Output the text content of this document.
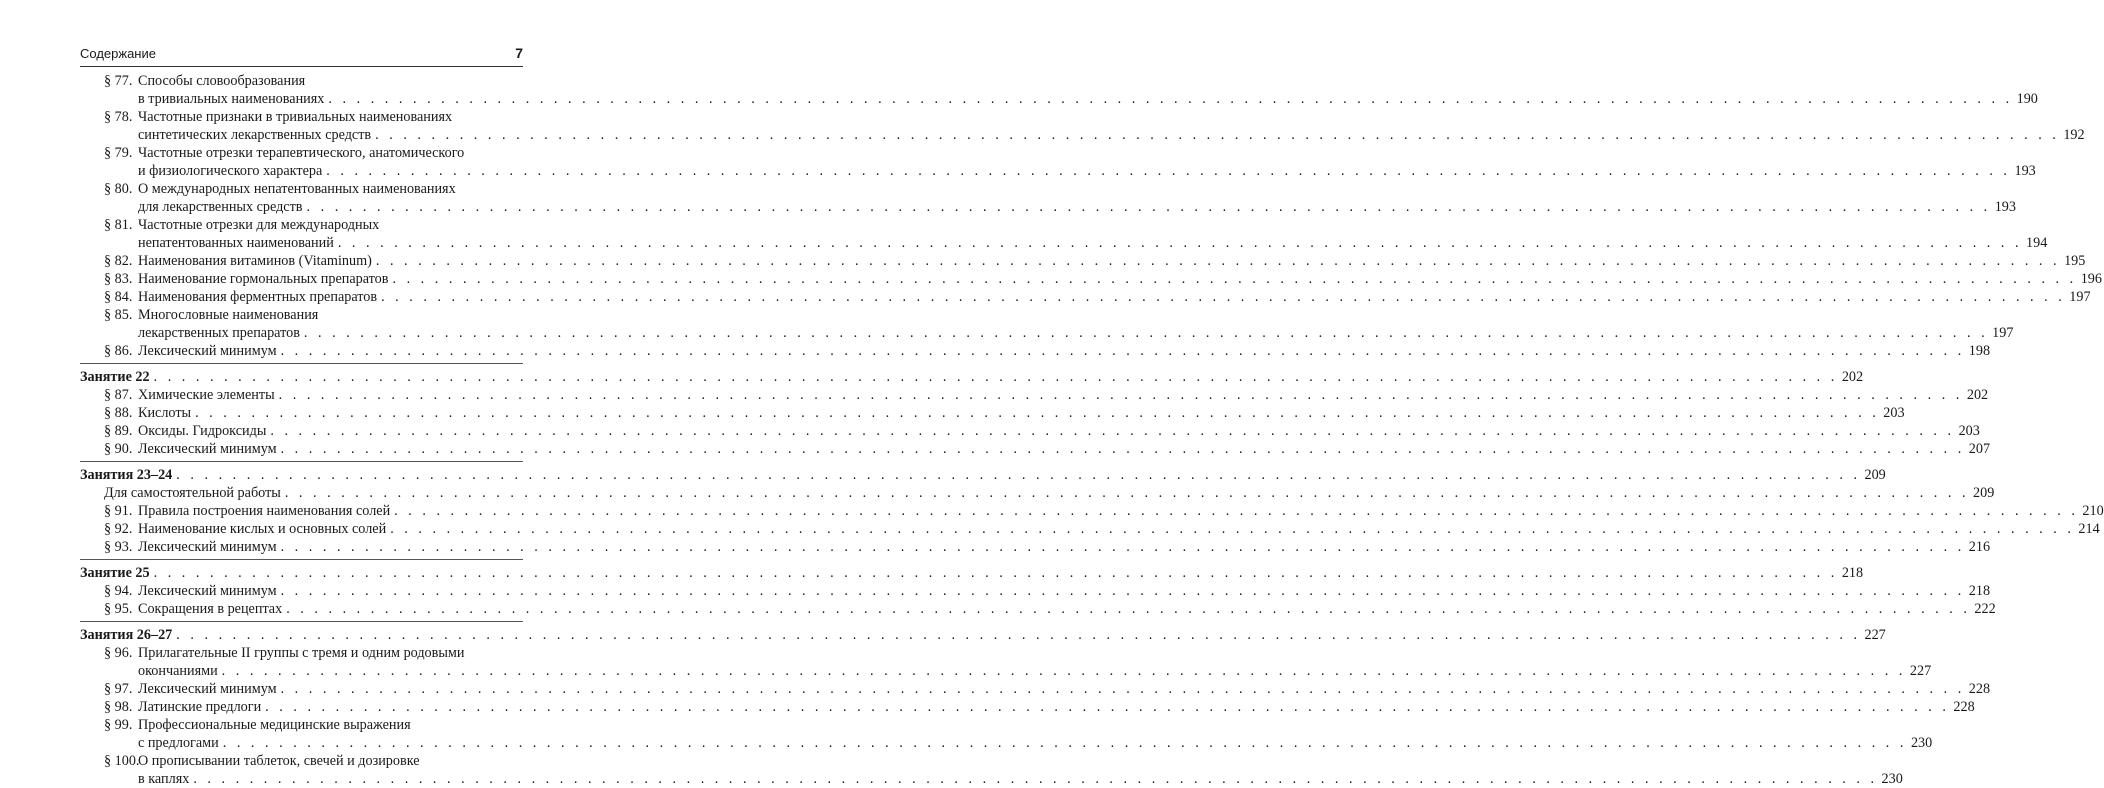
Содержание	7
§ 77. Способы словообразования
в тривиальных наименованиях . . . . . . . . . . . . . . . . . . . . . . . . . . . . . . . . . . . . . . . . . . . . . . . . . . . . . . . . . . . . . . . . . . . . . . . . . . . . . . . . . . . . . . . . . . . . . . . . . . . . . . . . . . . . . . . . . . . . . . . . 190
§ 78. Частотные признаки в тривиальных наименованиях
синтетических лекарственных средств . . . . . . . . . . . . . . . . . . . . . . . . . . . . . . . . . . . . . . . . . . . . . . . . . . . . . . . . . . . . . . . . . . . . . . . . . . . . . . . . . . . . . . . . . . . . . . . . . . . . . . . . . . . . . . . . . . . . . . . . 192
§ 79. Частотные отрезки терапевтического, анатомического
и физиологического характера . . . . . . . . . . . . . . . . . . . . . . . . . . . . . . . . . . . . . . . . . . . . . . . . . . . . . . . . . . . . . . . . . . . . . . . . . . . . . . . . . . . . . . . . . . . . . . . . . . . . . . . . . . . . . . . . . . . . . . . . 193
§ 80. О международных непатентованных наименованиях
для лекарственных средств . . . . . . . . . . . . . . . . . . . . . . . . . . . . . . . . . . . . . . . . . . . . . . . . . . . . . . . . . . . . . . . . . . . . . . . . . . . . . . . . . . . . . . . . . . . . . . . . . . . . . . . . . . . . . . . . . . . . . . . . 193
§ 81. Частотные отрезки для международных
непатентованных наименований . . . . . . . . . . . . . . . . . . . . . . . . . . . . . . . . . . . . . . . . . . . . . . . . . . . . . . . . . . . . . . . . . . . . . . . . . . . . . . . . . . . . . . . . . . . . . . . . . . . . . . . . . . . . . . . . . . . . . . . . 194
§ 82. Наименования витаминов (Vitaminum) . . . . . . . . . . . . . . . . . . . . . . . . . . . . . . . . . . . . . . . . . . . . . . . . . . . . . . . . . . . . . . . . . . . . . . . . . . . . . . . . . . . . . . . . . . . . . . . . . . . . . . . . . . . . . . . . . . . . . . . . 195
§ 83. Наименование гормональных препаратов . . . . . . . . . . . . . . . . . . . . . . . . . . . . . . . . . . . . . . . . . . . . . . . . . . . . . . . . . . . . . . . . . . . . . . . . . . . . . . . . . . . . . . . . . . . . . . . . . . . . . . . . . . . . . . . . . . . . . . . . 196
§ 84. Наименования ферментных препаратов . . . . . . . . . . . . . . . . . . . . . . . . . . . . . . . . . . . . . . . . . . . . . . . . . . . . . . . . . . . . . . . . . . . . . . . . . . . . . . . . . . . . . . . . . . . . . . . . . . . . . . . . . . . . . . . . . . . . . . . . 197
§ 85. Многословные наименования
лекарственных препаратов . . . . . . . . . . . . . . . . . . . . . . . . . . . . . . . . . . . . . . . . . . . . . . . . . . . . . . . . . . . . . . . . . . . . . . . . . . . . . . . . . . . . . . . . . . . . . . . . . . . . . . . . . . . . . . . . . . . . . . . . 197
§ 86. Лексический минимум . . . . . . . . . . . . . . . . . . . . . . . . . . . . . . . . . . . . . . . . . . . . . . . . . . . . . . . . . . . . . . . . . . . . . . . . . . . . . . . . . . . . . . . . . . . . . . . . . . . . . . . . . . . . . . . . . . . . . . . . 198
Занятие 22 . . . . . . . . . . . . . . . . . . . . . . . . . . . . . . . . . . . . . . . . . . . . . . . . . . . . . . . . . . . . . . . . . . . . . . . . . . . . . . . . . . . . . . . . . . . . . . . . . . . . . . . . . . . . . . . . . . . . . . . . 202
§ 87. Химические элементы . . . . . . . . . . . . . . . . . . . . . . . . . . . . . . . . . . . . . . . . . . . . . . . . . . . . . . . . . . . . . . . . . . . . . . . . . . . . . . . . . . . . . . . . . . . . . . . . . . . . . . . . . . . . . . . . . . . . . . . . 202
§ 88. Кислоты . . . . . . . . . . . . . . . . . . . . . . . . . . . . . . . . . . . . . . . . . . . . . . . . . . . . . . . . . . . . . . . . . . . . . . . . . . . . . . . . . . . . . . . . . . . . . . . . . . . . . . . . . . . . . . . . . . . . . . . . 203
§ 89. Оксиды. Гидроксиды . . . . . . . . . . . . . . . . . . . . . . . . . . . . . . . . . . . . . . . . . . . . . . . . . . . . . . . . . . . . . . . . . . . . . . . . . . . . . . . . . . . . . . . . . . . . . . . . . . . . . . . . . . . . . . . . . . . . . . . . 203
§ 90. Лексический минимум . . . . . . . . . . . . . . . . . . . . . . . . . . . . . . . . . . . . . . . . . . . . . . . . . . . . . . . . . . . . . . . . . . . . . . . . . . . . . . . . . . . . . . . . . . . . . . . . . . . . . . . . . . . . . . . . . . . . . . . . 207
Занятия 23–24 . . . . . . . . . . . . . . . . . . . . . . . . . . . . . . . . . . . . . . . . . . . . . . . . . . . . . . . . . . . . . . . . . . . . . . . . . . . . . . . . . . . . . . . . . . . . . . . . . . . . . . . . . . . . . . . . . . . . . . . . 209
Для самостоятельной работы . . . . . . . . . . . . . . . . . . . . . . . . . . . . . . . . . . . . . . . . . . . . . . . . . . . . . . . . . . . . . . . . . . . . . . . . . . . . . . . . . . . . . . . . . . . . . . . . . . . . . . . . . . . . . . . . . . . . . . . . 209
§ 91. Правила построения наименования солей . . . . . . . . . . . . . . . . . . . . . . . . . . . . . . . . . . . . . . . . . . . . . . . . . . . . . . . . . . . . . . . . . . . . . . . . . . . . . . . . . . . . . . . . . . . . . . . . . . . . . . . . . . . . . . . . . . . . . . . . 210
§ 92. Наименование кислых и основных солей . . . . . . . . . . . . . . . . . . . . . . . . . . . . . . . . . . . . . . . . . . . . . . . . . . . . . . . . . . . . . . . . . . . . . . . . . . . . . . . . . . . . . . . . . . . . . . . . . . . . . . . . . . . . . . . . . . . . . . . . 214
§ 93. Лексический минимум . . . . . . . . . . . . . . . . . . . . . . . . . . . . . . . . . . . . . . . . . . . . . . . . . . . . . . . . . . . . . . . . . . . . . . . . . . . . . . . . . . . . . . . . . . . . . . . . . . . . . . . . . . . . . . . . . . . . . . . . 216
Занятие 25 . . . . . . . . . . . . . . . . . . . . . . . . . . . . . . . . . . . . . . . . . . . . . . . . . . . . . . . . . . . . . . . . . . . . . . . . . . . . . . . . . . . . . . . . . . . . . . . . . . . . . . . . . . . . . . . . . . . . . . . . 218
§ 94. Лексический минимум . . . . . . . . . . . . . . . . . . . . . . . . . . . . . . . . . . . . . . . . . . . . . . . . . . . . . . . . . . . . . . . . . . . . . . . . . . . . . . . . . . . . . . . . . . . . . . . . . . . . . . . . . . . . . . . . . . . . . . . . 218
§ 95. Сокращения в рецептах . . . . . . . . . . . . . . . . . . . . . . . . . . . . . . . . . . . . . . . . . . . . . . . . . . . . . . . . . . . . . . . . . . . . . . . . . . . . . . . . . . . . . . . . . . . . . . . . . . . . . . . . . . . . . . . . . . . . . . . . 222
Занятия 26–27 . . . . . . . . . . . . . . . . . . . . . . . . . . . . . . . . . . . . . . . . . . . . . . . . . . . . . . . . . . . . . . . . . . . . . . . . . . . . . . . . . . . . . . . . . . . . . . . . . . . . . . . . . . . . . . . . . . . . . . . . 227
§ 96. Прилагательные II группы с тремя и одним родовыми
окончаниями . . . . . . . . . . . . . . . . . . . . . . . . . . . . . . . . . . . . . . . . . . . . . . . . . . . . . . . . . . . . . . . . . . . . . . . . . . . . . . . . . . . . . . . . . . . . . . . . . . . . . . . . . . . . . . . . . . . . . . . . 227
§ 97. Лексический минимум . . . . . . . . . . . . . . . . . . . . . . . . . . . . . . . . . . . . . . . . . . . . . . . . . . . . . . . . . . . . . . . . . . . . . . . . . . . . . . . . . . . . . . . . . . . . . . . . . . . . . . . . . . . . . . . . . . . . . . . . 228
§ 98. Латинские предлоги . . . . . . . . . . . . . . . . . . . . . . . . . . . . . . . . . . . . . . . . . . . . . . . . . . . . . . . . . . . . . . . . . . . . . . . . . . . . . . . . . . . . . . . . . . . . . . . . . . . . . . . . . . . . . . . . . . . . . . . . 228
§ 99. Профессиональные медицинские выражения
с предлогами . . . . . . . . . . . . . . . . . . . . . . . . . . . . . . . . . . . . . . . . . . . . . . . . . . . . . . . . . . . . . . . . . . . . . . . . . . . . . . . . . . . . . . . . . . . . . . . . . . . . . . . . . . . . . . . . . . . . . . . . 230
§ 100.
О прописывании таблеток, свечей и дозировке
в каплях . . . . . . . . . . . . . . . . . . . . . . . . . . . . . . . . . . . . . . . . . . . . . . . . . . . . . . . . . . . . . . . . . . . . . . . . . . . . . . . . . . . . . . . . . . . . . . . . . . . . . . . . . . . . . . . . . . . . . . . . 230
